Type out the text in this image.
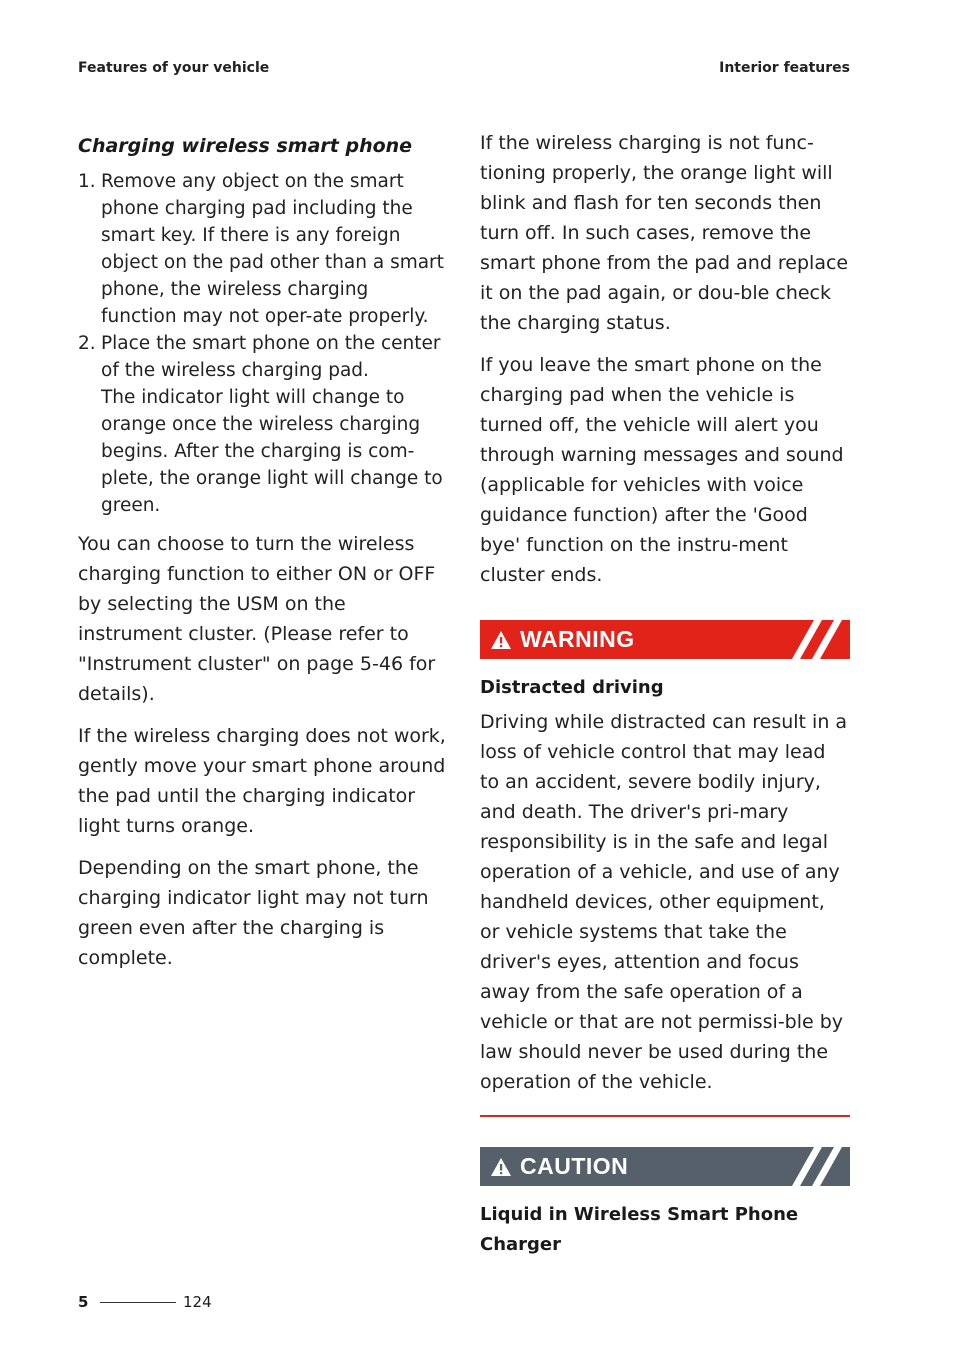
Features of your vehicle	Interior features
Charging wireless smart phone
1. Remove any object on the smart phone charging pad including the smart key. If there is any foreign object on the pad other than a smart phone, the wireless charging function may not oper-ate properly.
2. Place the smart phone on the center of the wireless charging pad.
The indicator light will change to orange once the wireless charging begins. After the charging is com-plete, the orange light will change to green.

You can choose to turn the wireless charging function to either ON or OFF by selecting the USM on the instrument cluster. (Please refer to "Instrument cluster" on page 5-46 for details).

If the wireless charging does not work, gently move your smart phone around the pad until the charging indicator light turns orange.

Depending on the smart phone, the charging indicator light may not turn green even after the charging is complete.

If the wireless charging is not func-tioning properly, the orange light will blink and flash for ten seconds then turn off. In such cases, remove the smart phone from the pad and replace it on the pad again, or dou-ble check the charging status.

If you leave the smart phone on the charging pad when the vehicle is turned off, the vehicle will alert you through warning messages and sound (applicable for vehicles with voice guidance function) after the 'Good bye' function on the instru-ment cluster ends.

WARNING
Distracted driving

Driving while distracted can result in a loss of vehicle control that may lead to an accident, severe bodily injury, and death. The driver's pri-mary responsibility is in the safe and legal operation of a vehicle, and use of any handheld devices, other equipment, or vehicle systems that take the driver's eyes, attention and focus away from the safe operation of a vehicle or that are not permissi-ble by law should never be used during the operation of the vehicle.

CAUTION
Liquid in Wireless Smart Phone Charger
5	124
